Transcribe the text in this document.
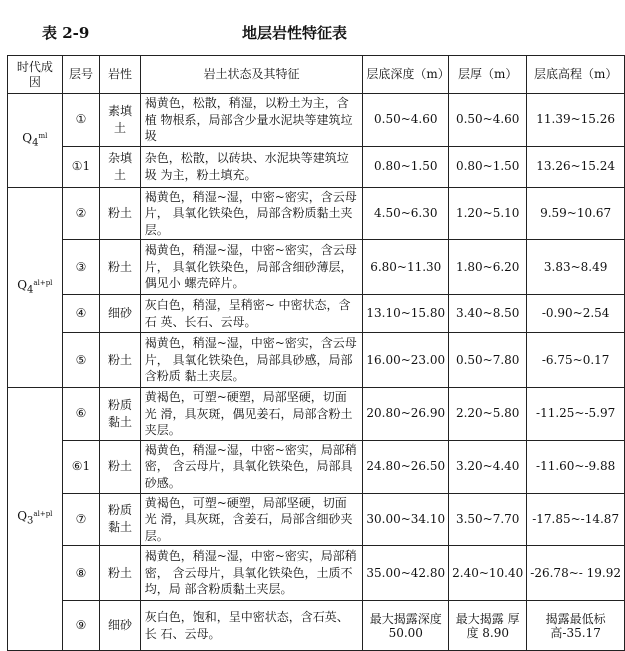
表 2-9	地层岩性特征表
时代成因	层号	岩性	岩土状态及其特征	层底深度（m）	层厚（m）	层底高程（m）
$Q_4^{ml}$	①	素填土	褐黄色，松散，稍湿，以粉土为主，含植 物根系，局部含少量水泥块等建筑垃圾	0.50~4.60	0.50~4.60	11.39~15.26
	①1	杂填土	杂色，松散，以砖块、水泥块等建筑垃圾 为主，粉土填充。	0.80~1.50	0.80~1.50	13.26~15.24
$Q_4^{al+pl}$	②	粉土	褐黄色，稍湿~湿，中密~密实，含云母片， 具氧化铁染色，局部含粉质黏土夹层。	4.50~6.30	1.20~5.10	9.59~10.67
	③	粉土	褐黄色，稍湿~湿，中密~密实，含云母片， 具氧化铁染色，局部含细砂薄层，偶见小 螺壳碎片。	6.80~11.30	1.80~6.20	3.83~8.49
	④	细砂	灰白色，稍湿，呈稍密~ 中密状态，含石 英、长石、云母。	13.10~15.80	3.40~8.50	-0.90~2.54
	⑤	粉土	褐黄色，稍湿~湿，中密~密实，含云母片， 具氧化铁染色，局部具砂感，局部含粉质 黏土夹层。	16.00~23.00	0.50~7.80	-6.75~0.17
$Q_3^{al+pl}$	⑥	粉质黏土	黄褐色，可塑~硬塑，局部坚硬，切面光 滑，具灰斑，偶见姜石，局部含粉土夹层。	20.80~26.90	2.20~5.80	-11.25~-5.97
	⑥1	粉土	褐黄色，稍湿~湿，中密~密实，局部稍密， 含云母片，具氧化铁染色，局部具砂感。	24.80~26.50	3.20~4.40	-11.60~-9.88
	⑦	粉质黏土	黄褐色，可塑~硬塑，局部坚硬，切面光 滑，具灰斑，含姜石，局部含细砂夹层。	30.00~34.10	3.50~7.70	-17.85~-14.87
	⑧	粉土	褐黄色，稍湿~湿，中密~密实，局部稍密， 含云母片，具氧化铁染色，土质不均，局 部含粉质黏土夹层。	35.00~42.80	2.40~10.40	-26.78~- 19.92
	⑨	细砂	灰白色，饱和，呈中密状态，含石英、长 石、云母。	最大揭露深度 50.00	最大揭露 厚度 8.90	揭露最低标高-35.17
